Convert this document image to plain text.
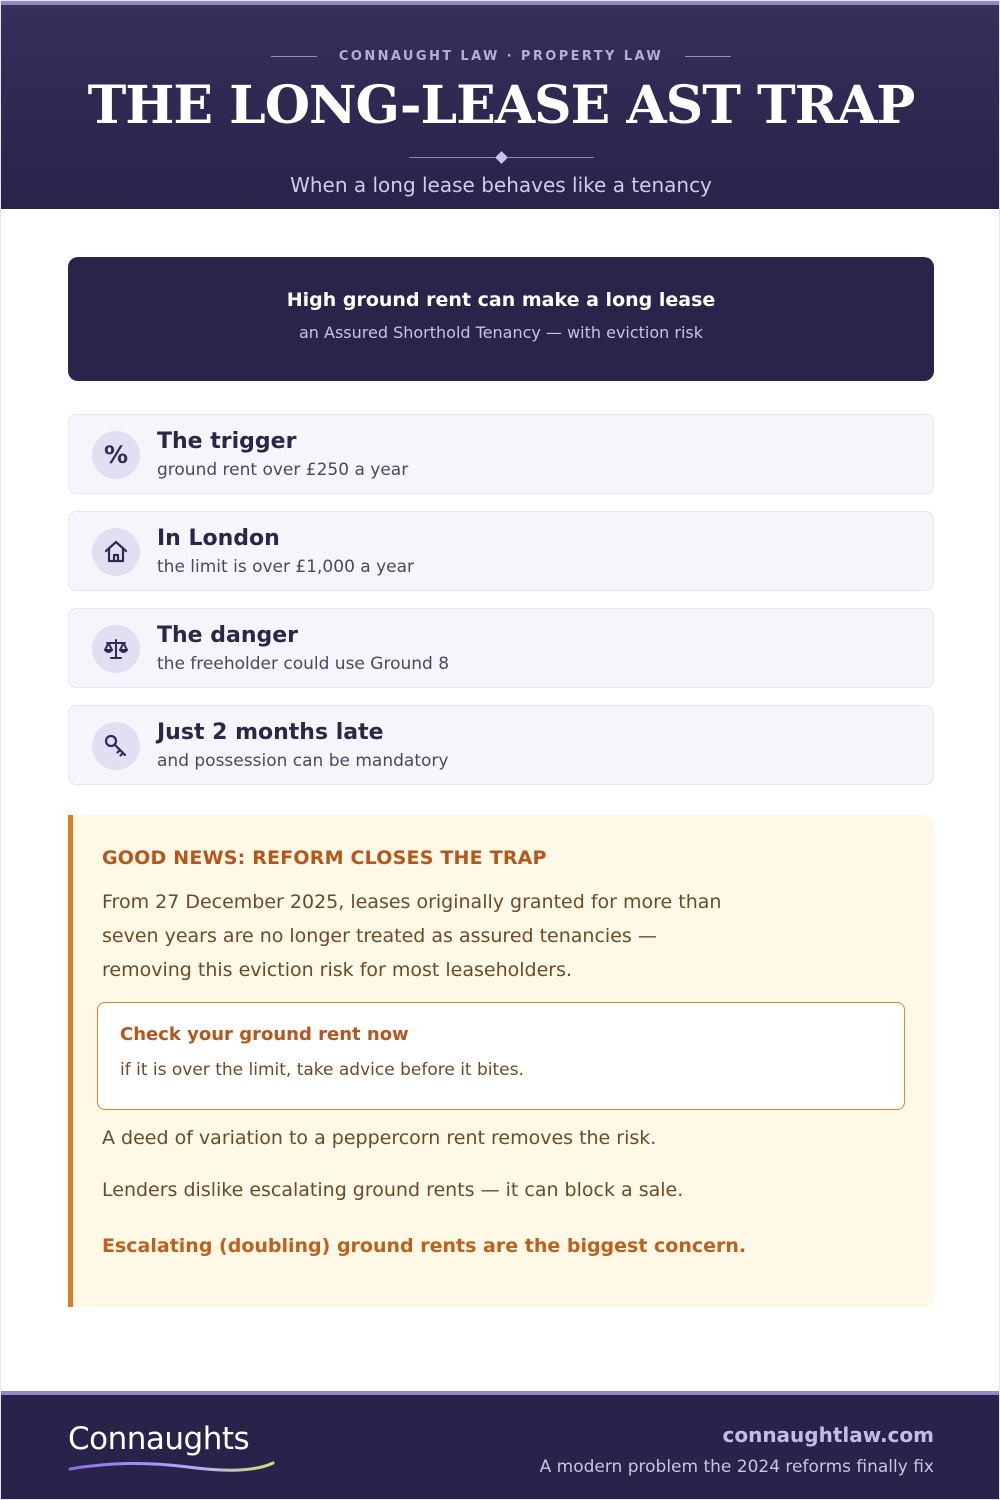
CONNAUGHT LAW · PROPERTY LAW
THE LONG-LEASE AST TRAP
When a long lease behaves like a tenancy
High ground rent can make a long lease
an Assured Shorthold Tenancy — with eviction risk
%	The trigger
ground rent over £250 a year
In London
the limit is over £1,000 a year
The danger
the freeholder could use Ground 8
Just 2 months late
and possession can be mandatory
GOOD NEWS: REFORM CLOSES THE TRAP
From 27 December 2025, leases originally granted for more than seven years are no longer treated as assured tenancies — removing this eviction risk for most leaseholders.
Check your ground rent now
if it is over the limit, take advice before it bites.
A deed of variation to a peppercorn rent removes the risk.
Lenders dislike escalating ground rents — it can block a sale.
Escalating (doubling) ground rents are the biggest concern.
Connaughts	connaughtlaw.com
A modern problem the 2024 reforms finally fix
